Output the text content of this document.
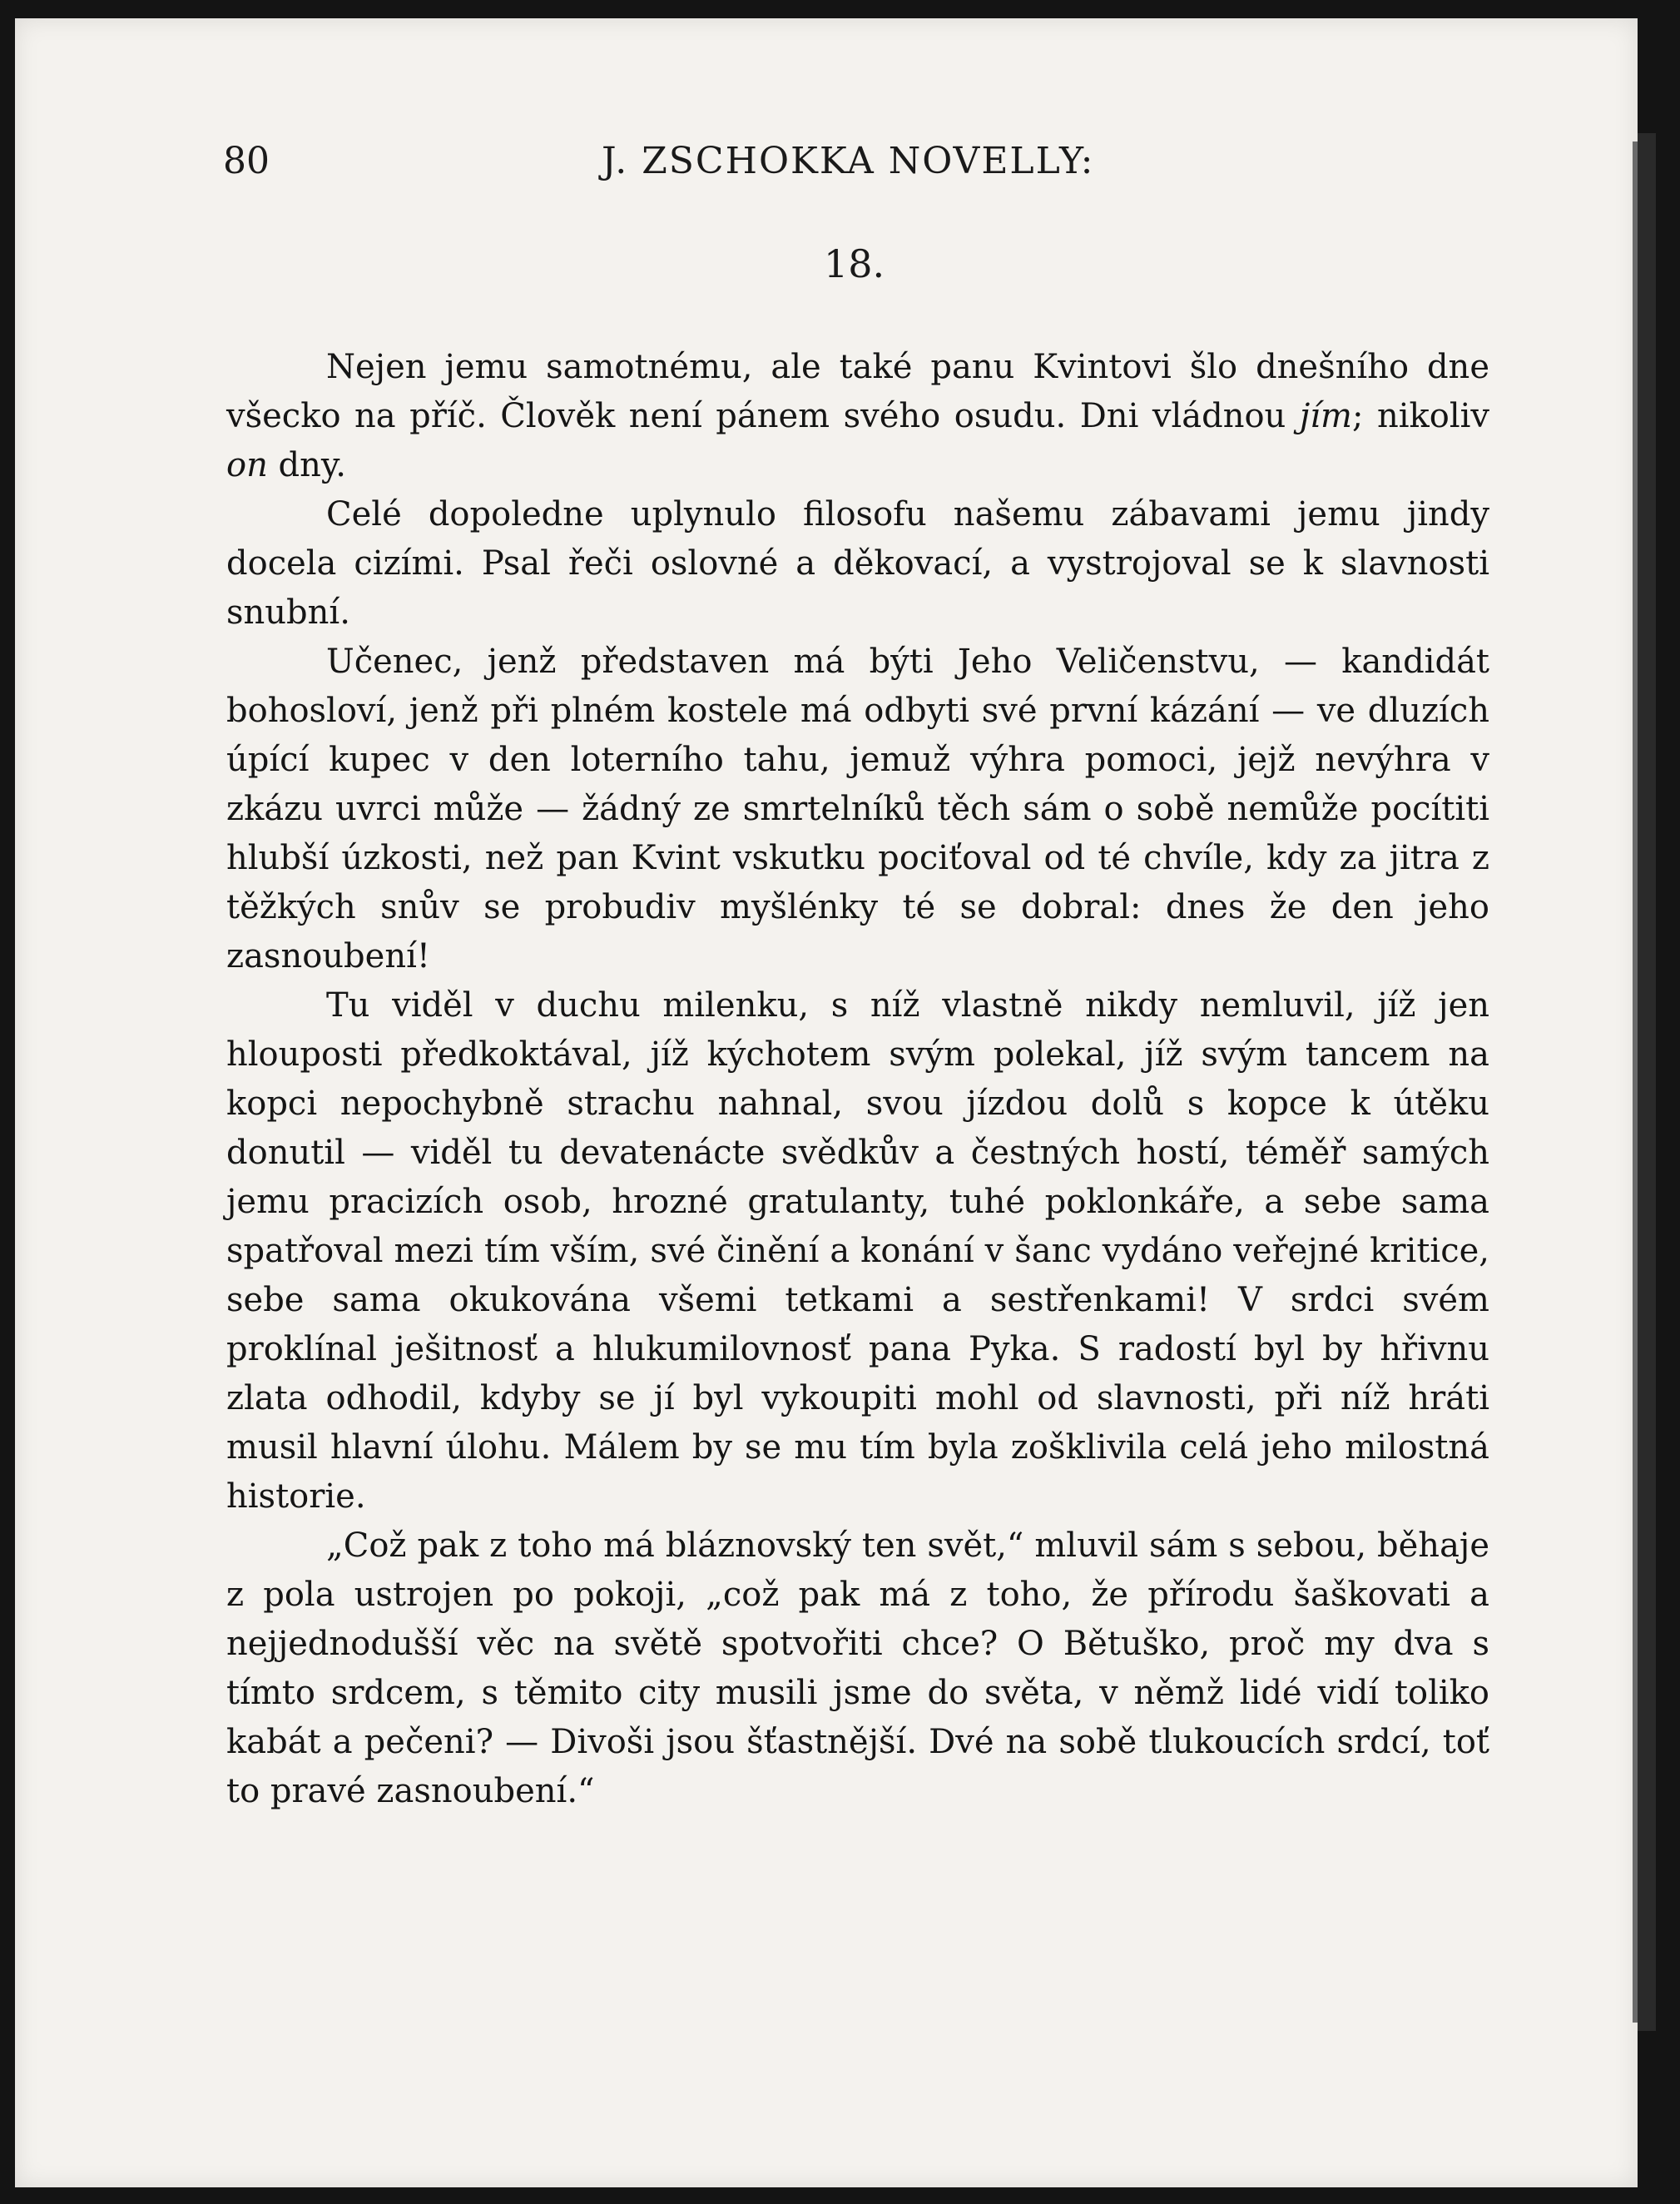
80	J. ZSCHOKKA NOVELLY:
18.

Nejen jemu samotnému, ale také panu Kvintovi šlo dnešního dne všecko na příč. Člověk není pánem svého osudu. Dni vládnou jím; nikoliv on dny.

Celé dopoledne uplynulo filosofu našemu zábavami jemu jindy docela cizími. Psal řeči oslovné a děkovací, a vystrojoval se k slavnosti snubní.

Učenec, jenž představen má býti Jeho Veličenstvu, — kandidát bohosloví, jenž při plném kostele má odbyti své první kázání — ve dluzích úpící kupec v den loterního tahu, jemuž výhra pomoci, jejž nevýhra v zkázu uvrci může — žádný ze smrtelníků těch sám o sobě nemůže pocítiti hlubší úzkosti, než pan Kvint vskutku pociťoval od té chvíle, kdy za jitra z těžkých snův se probudiv myšlénky té se dobral: dnes že den jeho zasnoubení!

Tu viděl v duchu milenku, s níž vlastně nikdy nemluvil, jíž jen hlouposti předkoktával, jíž kýchotem svým polekal, jíž svým tancem na kopci nepochybně strachu nahnal, svou jízdou dolů s kopce k útěku donutil — viděl tu devatenácte svědkův a čestných hostí, téměř samých jemu pracizích osob, hrozné gratulanty, tuhé poklonkáře, a sebe sama spatřoval mezi tím vším, své činění a konání v šanc vydáno veřejné kritice, sebe sama okukována všemi tetkami a sestřenkami! V srdci svém proklínal ješitnosť a hlukumilovnosť pana Pyka. S radostí byl by hřivnu zlata odhodil, kdyby se jí byl vykoupiti mohl od slavnosti, při níž hráti musil hlavní úlohu. Málem by se mu tím byla zošklivila celá jeho milostná historie.

„Což pak z toho má bláznovský ten svět,“ mluvil sám s sebou, běhaje z pola ustrojen po pokoji, „což pak má z toho, že přírodu šaškovati a nejjednodušší věc na světě spotvořiti chce? O Bětuško, proč my dva s tímto srdcem, s těmito city musili jsme do světa, v němž lidé vidí toliko kabát a pečeni? — Divoši jsou šťastnější. Dvé na sobě tlukoucích srdcí, toť to pravé zasnoubení.“
